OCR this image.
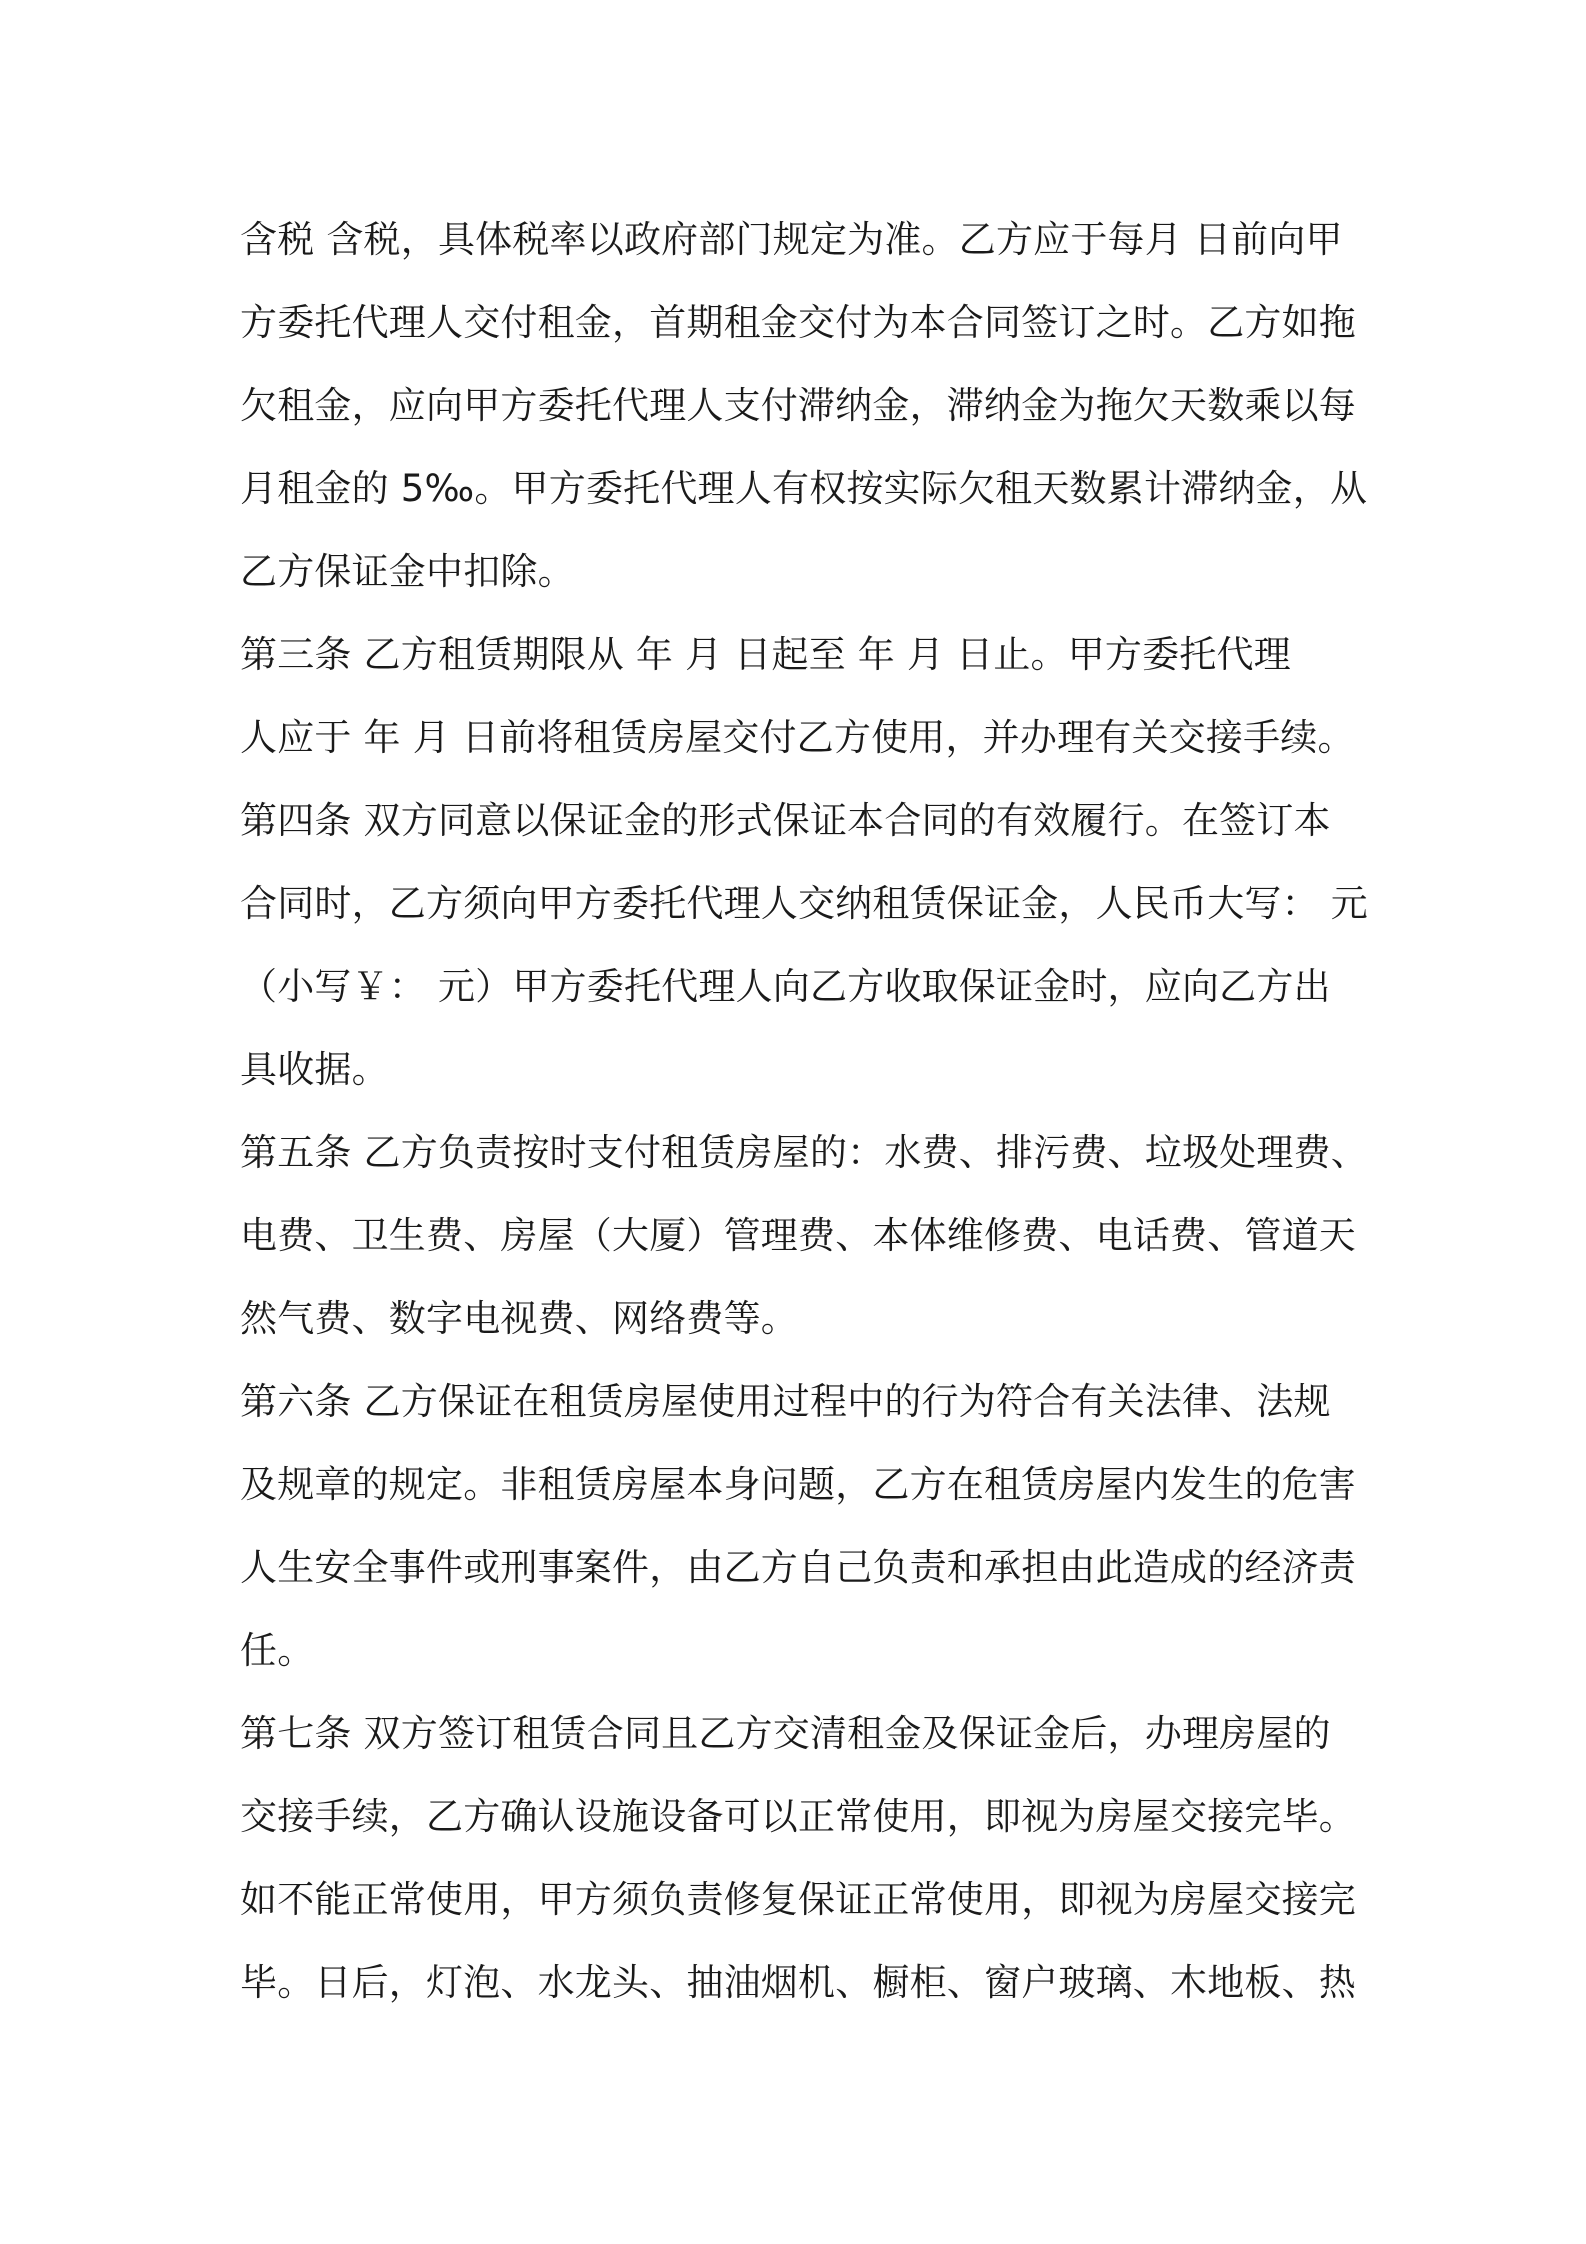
含税 含税，具体税率以政府部门规定为准。乙方应于每月 日前向甲
方委托代理人交付租金，首期租金交付为本合同签订之时。乙方如拖
欠租金，应向甲方委托代理人支付滞纳金，滞纳金为拖欠天数乘以每
月租金的 5‰。甲方委托代理人有权按实际欠租天数累计滞纳金，从
乙方保证金中扣除。
第三条 乙方租赁期限从 年 月 日起至 年 月 日止。甲方委托代理
人应于 年 月 日前将租赁房屋交付乙方使用，并办理有关交接手续。
第四条 双方同意以保证金的形式保证本合同的有效履行。在签订本
合同时，乙方须向甲方委托代理人交纳租赁保证金，人民币大写： 元
（小写￥： 元）甲方委托代理人向乙方收取保证金时，应向乙方出
具收据。
第五条 乙方负责按时支付租赁房屋的：水费、排污费、垃圾处理费、
电费、卫生费、房屋（大厦）管理费、本体维修费、电话费、管道天
然气费、数字电视费、网络费等。
第六条 乙方保证在租赁房屋使用过程中的行为符合有关法律、法规
及规章的规定。非租赁房屋本身问题，乙方在租赁房屋内发生的危害
人生安全事件或刑事案件，由乙方自己负责和承担由此造成的经济责
任。
第七条 双方签订租赁合同且乙方交清租金及保证金后，办理房屋的
交接手续，乙方确认设施设备可以正常使用，即视为房屋交接完毕。
如不能正常使用，甲方须负责修复保证正常使用，即视为房屋交接完
毕。日后，灯泡、水龙头、抽油烟机、橱柜、窗户玻璃、木地板、热
